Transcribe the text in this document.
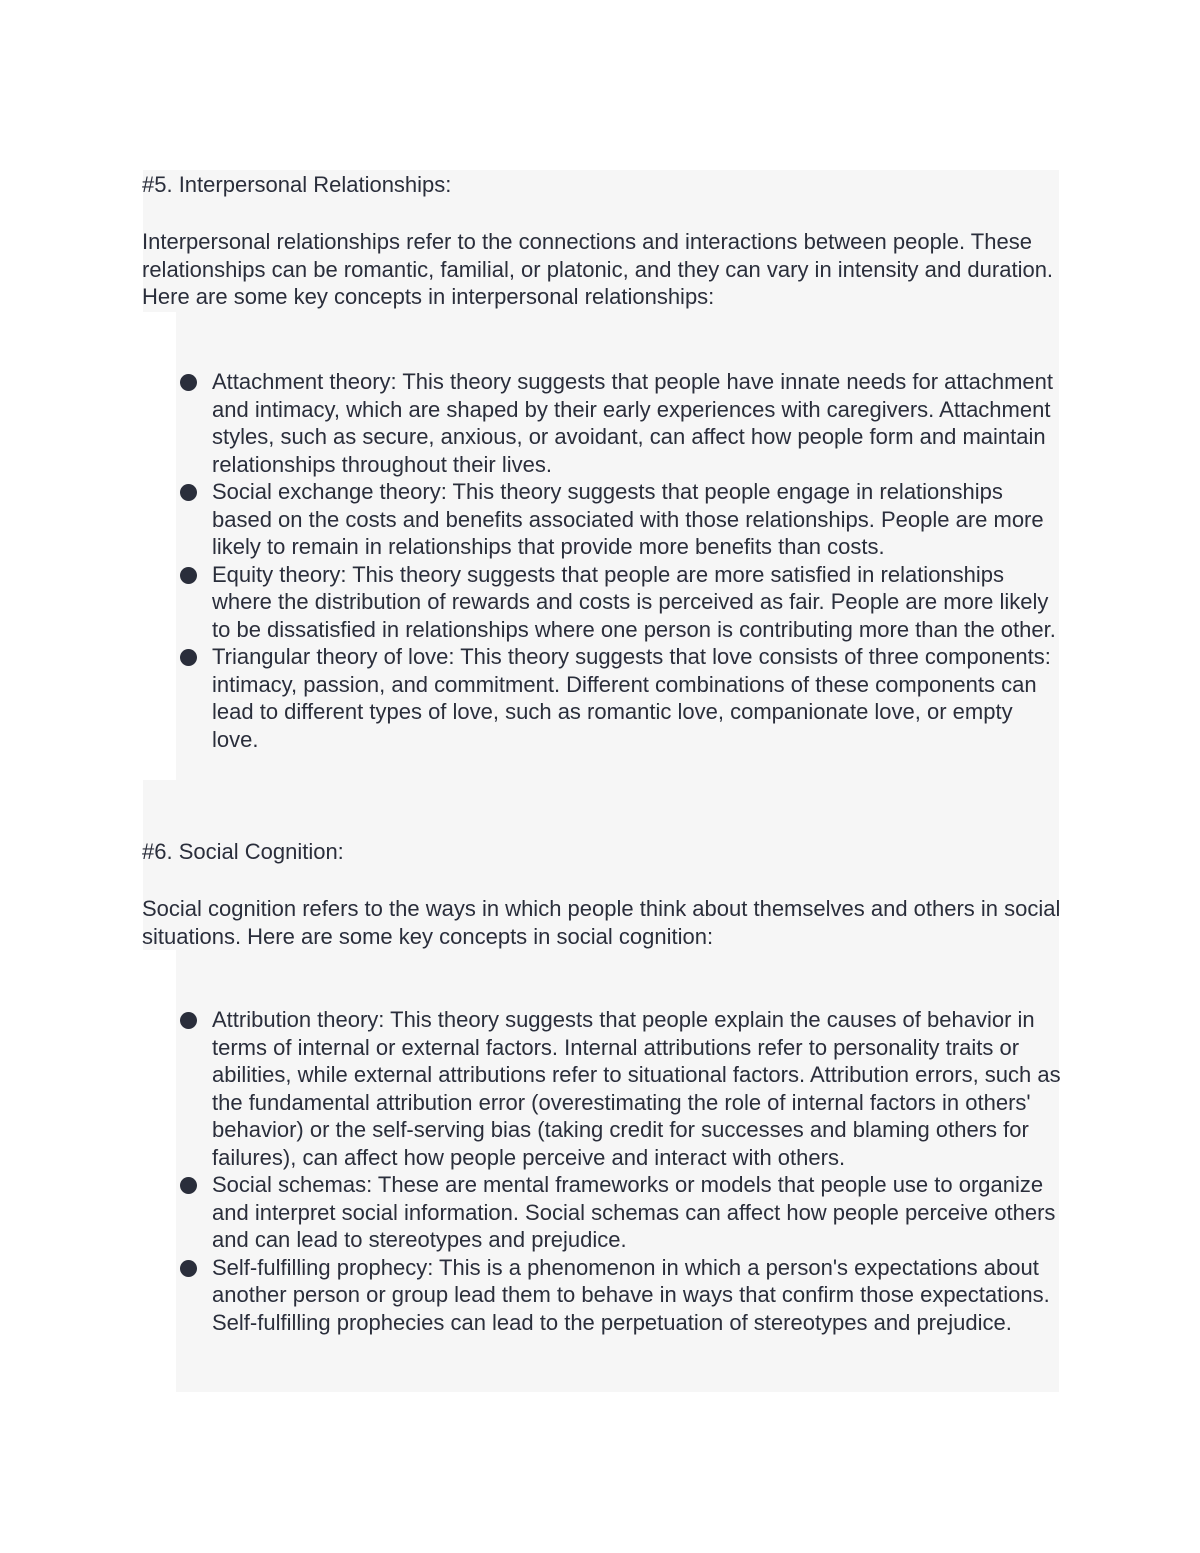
#5. Interpersonal Relationships:

Interpersonal relationships refer to the connections and interactions between people. These relationships can be romantic, familial, or platonic, and they can vary in intensity and duration. Here are some key concepts in interpersonal relationships:

Attachment theory: This theory suggests that people have innate needs for attachment and intimacy, which are shaped by their early experiences with caregivers. Attachment styles, such as secure, anxious, or avoidant, can affect how people form and maintain relationships throughout their lives.
Social exchange theory: This theory suggests that people engage in relationships based on the costs and benefits associated with those relationships. People are more likely to remain in relationships that provide more benefits than costs.
Equity theory: This theory suggests that people are more satisfied in relationships where the distribution of rewards and costs is perceived as fair. People are more likely to be dissatisfied in relationships where one person is contributing more than the other.
Triangular theory of love: This theory suggests that love consists of three components: intimacy, passion, and commitment. Different combinations of these components can lead to different types of love, such as romantic love, companionate love, or empty love.
#6. Social Cognition:

Social cognition refers to the ways in which people think about themselves and others in social situations. Here are some key concepts in social cognition:

Attribution theory: This theory suggests that people explain the causes of behavior in terms of internal or external factors. Internal attributions refer to personality traits or abilities, while external attributions refer to situational factors. Attribution errors, such as the fundamental attribution error (overestimating the role of internal factors in others' behavior) or the self-serving bias (taking credit for successes and blaming others for failures), can affect how people perceive and interact with others.
Social schemas: These are mental frameworks or models that people use to organize and interpret social information. Social schemas can affect how people perceive others and can lead to stereotypes and prejudice.
Self-fulfilling prophecy: This is a phenomenon in which a person's expectations about another person or group lead them to behave in ways that confirm those expectations. Self-fulfilling prophecies can lead to the perpetuation of stereotypes and prejudice.
